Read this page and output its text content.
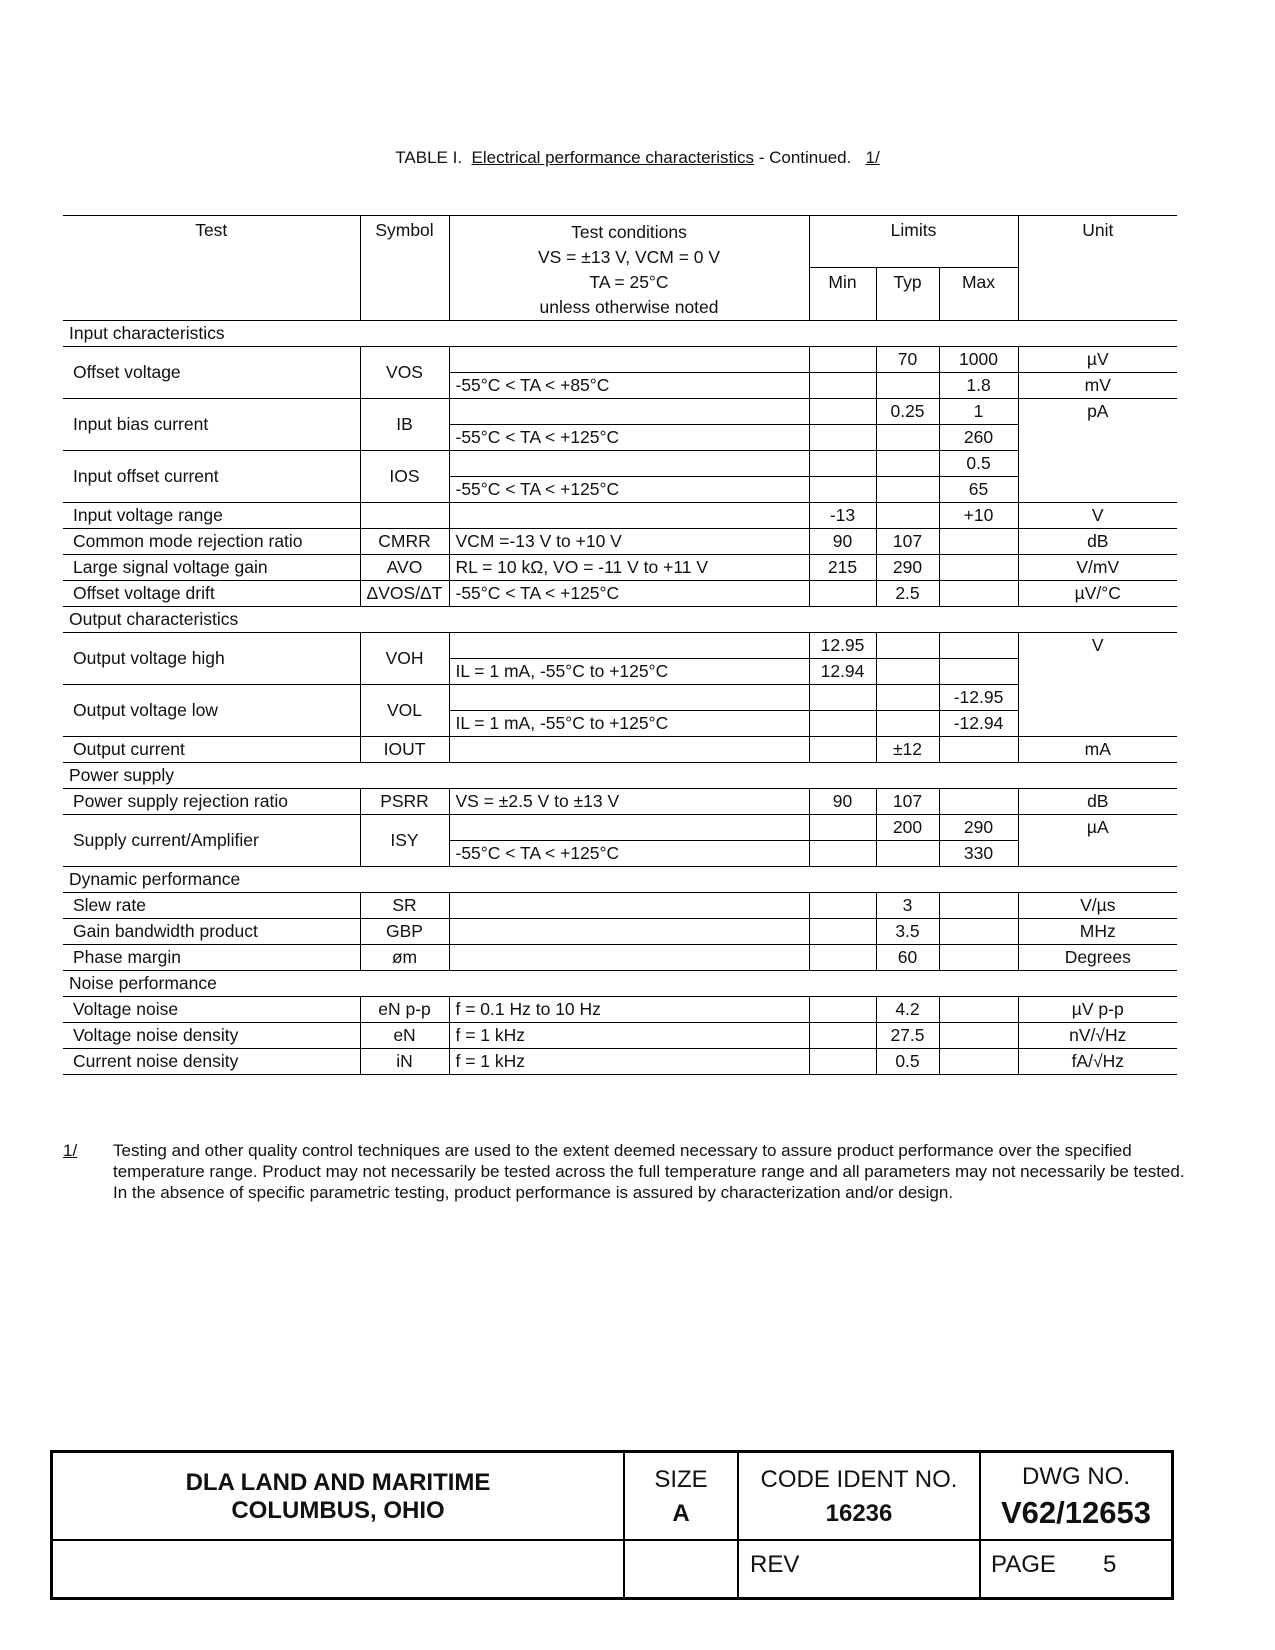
TABLE I. Electrical performance characteristics - Continued. 1/
Test	Symbol	Test conditions
VS = ±13 V, VCM = 0 V
TA = 25°C
unless otherwise noted	Limits			Unit
			Min	Typ	Max	
Input characteristics						
Offset voltage	VOS			70	1000	µV
		-55°C < TA < +85°C			1.8	mV
Input bias current	IB			0.25	1	pA
		-55°C < TA < +125°C			260	
Input offset current	IOS				0.5	
		-55°C < TA < +125°C			65	
Input voltage range			-13		+10	V
Common mode rejection ratio	CMRR	VCM =-13 V to +10 V	90	107		dB
Large signal voltage gain	AVO	RL = 10 kΩ, VO = -11 V to +11 V	215	290		V/mV
Offset voltage drift	ΔVOS/ΔT	-55°C < TA < +125°C		2.5		µV/°C
Output characteristics						
Output voltage high	VOH		12.95			V
		IL = 1 mA, -55°C to +125°C	12.94			
Output voltage low	VOL				-12.95	
		IL = 1 mA, -55°C to +125°C			-12.94	
Output current	IOUT			±12		mA
Power supply						
Power supply rejection ratio	PSRR	VS = ±2.5 V to ±13 V	90	107		dB
Supply current/Amplifier	ISY			200	290	µA
		-55°C < TA < +125°C			330	
Dynamic performance						
Slew rate	SR			3		V/µs
Gain bandwidth product	GBP			3.5		MHz
Phase margin	øm			60		Degrees
Noise performance						
Voltage noise	eN p-p	f = 0.1 Hz to 10 Hz		4.2		µV p-p
Voltage noise density	eN	f = 1 kHz		27.5		nV/√Hz
Current noise density	iN	f = 1 kHz		0.5		fA/√Hz
1/ Testing and other quality control techniques are used to the extent deemed necessary to assure product performance over the specified temperature range. Product may not necessarily be tested across the full temperature range and all parameters may not necessarily be tested. In the absence of specific parametric testing, product performance is assured by characterization and/or design.
DLA LAND AND MARITIME
COLUMBUS, OHIO
SIZE
A
CODE IDENT NO.
16236
DWG NO.
V62/12653
REV	PAGE 5
